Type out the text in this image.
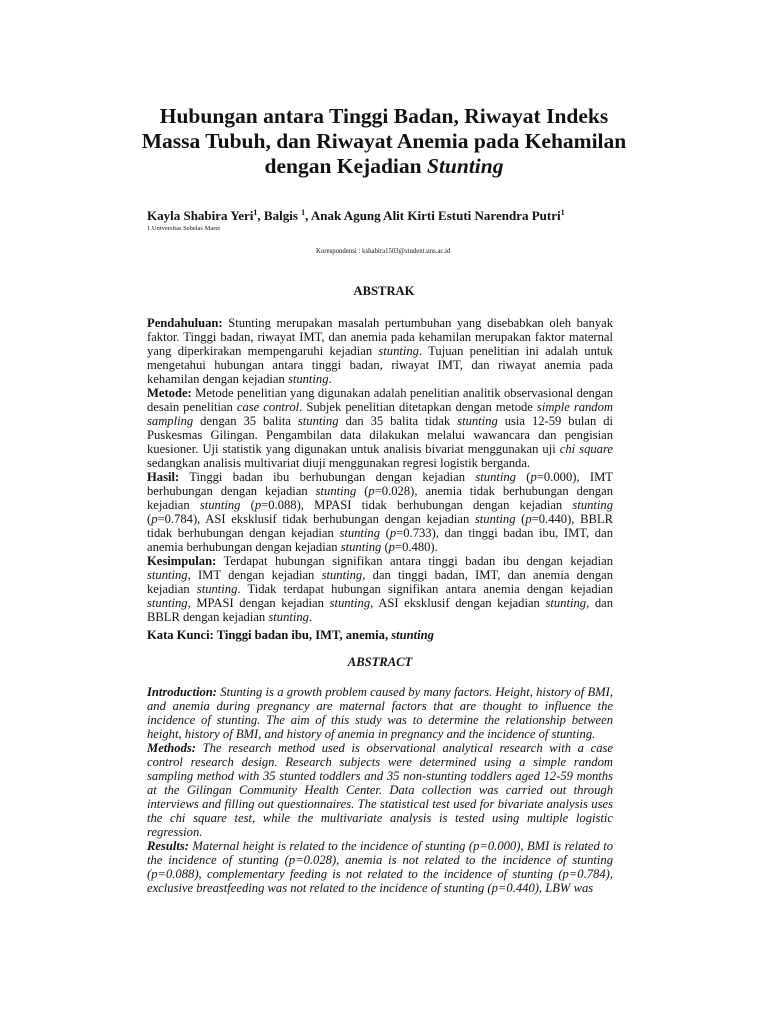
Hubungan antara Tinggi Badan, Riwayat Indeks
Massa Tubuh, dan Riwayat Anemia pada Kehamilan
dengan Kejadian Stunting
Kayla Shabira Yeri$^1$, Balgis $^1$, Anak Agung Alit Kirti Estuti Narendra Putri$^1$
1.Universitas Sebelas Maret
Korespondensi : kshabira1503@student.uns.ac.id
ABSTRAK

Pendahuluan: Stunting merupakan masalah pertumbuhan yang disebabkan oleh banyak faktor. Tinggi badan, riwayat IMT, dan anemia pada kehamilan merupakan faktor maternal yang diperkirakan mempengaruhi kejadian stunting. Tujuan penelitian ini adalah untuk mengetahui hubungan antara tinggi badan, riwayat IMT, dan riwayat anemia pada kehamilan dengan kejadian stunting.

Metode: Metode penelitian yang digunakan adalah penelitian analitik observasional dengan desain penelitian case control. Subjek penelitian ditetapkan dengan metode simple random sampling dengan 35 balita stunting dan 35 balita tidak stunting usia 12-59 bulan di Puskesmas Gilingan. Pengambilan data dilakukan melalui wawancara dan pengisian kuesioner. Uji statistik yang digunakan untuk analisis bivariat menggunakan uji chi square sedangkan analisis multivariat diuji menggunakan regresi logistik berganda.

Hasil: Tinggi badan ibu berhubungan dengan kejadian stunting (p=0.000), IMT berhubungan dengan kejadian stunting (p=0.028), anemia tidak berhubungan dengan kejadian stunting (p=0.088), MPASI tidak berhubungan dengan kejadian stunting (p=0.784), ASI eksklusif tidak berhubungan dengan kejadian stunting (p=0.440), BBLR tidak berhubungan dengan kejadian stunting (p=0.733), dan tinggi badan ibu, IMT, dan anemia berhubungan dengan kejadian stunting (p=0.480).

Kesimpulan: Terdapat hubungan signifikan antara tinggi badan ibu dengan kejadian stunting, IMT dengan kejadian stunting, dan tinggi badan, IMT, dan anemia dengan kejadian stunting. Tidak terdapat hubungan signifikan antara anemia dengan kejadian stunting, MPASI dengan kejadian stunting, ASI eksklusif dengan kejadian stunting, dan BBLR dengan kejadian stunting.

Kata Kunci: Tinggi badan ibu, IMT, anemia, stunting

ABSTRACT

Introduction: Stunting is a growth problem caused by many factors. Height, history of BMI, and anemia during pregnancy are maternal factors that are thought to influence the incidence of stunting. The aim of this study was to determine the relationship between height, history of BMI, and history of anemia in pregnancy and the incidence of stunting.

Methods: The research method used is observational analytical research with a case control research design. Research subjects were determined using a simple random sampling method with 35 stunted toddlers and 35 non-stunting toddlers aged 12-59 months at the Gilingan Community Health Center. Data collection was carried out through interviews and filling out questionnaires. The statistical test used for bivariate analysis uses the chi square test, while the multivariate analysis is tested using multiple logistic regression.

Results: Maternal height is related to the incidence of stunting (p=0.000), BMI is related to the incidence of stunting (p=0.028), anemia is not related to the incidence of stunting (p=0.088), complementary feeding is not related to the incidence of stunting (p=0.784), exclusive breastfeeding was not related to the incidence of stunting (p=0.440), LBW was
